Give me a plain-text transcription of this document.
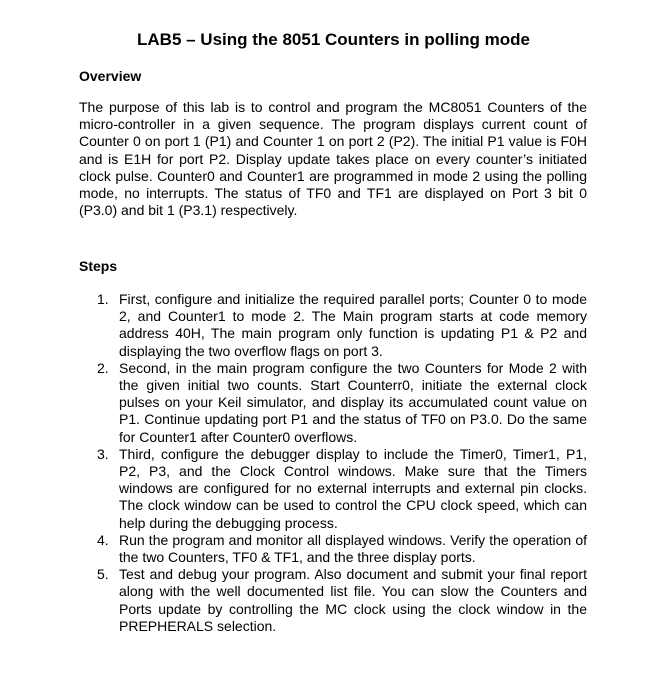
LAB5 – Using the 8051 Counters in polling mode
Overview
The purpose of this lab is to control and program the MC8051 Counters of the micro-controller in a given sequence. The program displays current count of Counter 0 on port 1 (P1) and Counter 1 on port 2 (P2). The initial P1 value is F0H and is E1H for port P2. Display update takes place on every counter’s initiated clock pulse. Counter0 and Counter1 are programmed in mode 2 using the polling mode, no interrupts. The status of TF0 and TF1 are displayed on Port 3 bit 0 (P3.0) and bit 1 (P3.1) respectively.
Steps
1. First, configure and initialize the required parallel ports; Counter 0 to mode 2, and Counter1 to mode 2. The Main program starts at code memory address 40H, The main program only function is updating P1 & P2 and displaying the two overflow flags on port 3.
2. Second, in the main program configure the two Counters for Mode 2 with the given initial two counts. Start Counterr0, initiate the external clock pulses on your Keil simulator, and display its accumulated count value on P1. Continue updating port P1 and the status of TF0 on P3.0. Do the same for Counter1 after Counter0 overflows.
3. Third, configure the debugger display to include the Timer0, Timer1, P1, P2, P3, and the Clock Control windows. Make sure that the Timers windows are configured for no external interrupts and external pin clocks. The clock window can be used to control the CPU clock speed, which can help during the debugging process.
4. Run the program and monitor all displayed windows. Verify the operation of the two Counters, TF0 & TF1, and the three display ports.
5. Test and debug your program. Also document and submit your final report along with the well documented list file. You can slow the Counters and Ports update by controlling the MC clock using the clock window in the PREPHERALS selection.
